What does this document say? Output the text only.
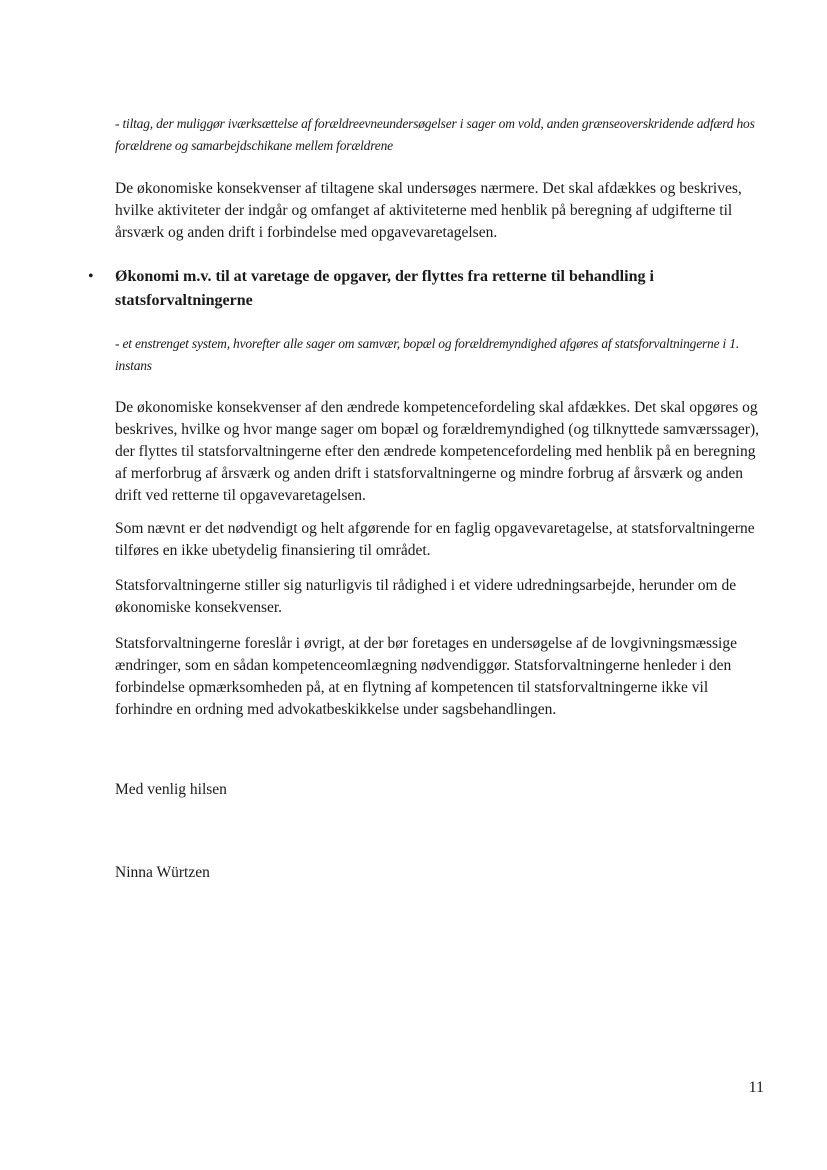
- tiltag, der muliggør iværksættelse af forældreevneundersøgelser i sager om vold, anden grænseoverskridende adfærd hos forældrene og samarbejdschikane mellem forældrene

De økonomiske konsekvenser af tiltagene skal undersøges nærmere. Det skal afdækkes og beskrives, hvilke aktiviteter der indgår og omfanget af aktiviteterne med henblik på beregning af udgifterne til årsværk og anden drift i forbindelse med opgavevaretagelsen.

• Økonomi m.v. til at varetage de opgaver, der flyttes fra retterne til behandling i statsforvaltningerne

- et enstrenget system, hvorefter alle sager om samvær, bopæl og forældremyndighed afgøres af statsforvaltningerne i 1. instans

De økonomiske konsekvenser af den ændrede kompetencefordeling skal afdækkes. Det skal opgøres og beskrives, hvilke og hvor mange sager om bopæl og forældremyndighed (og tilknyttede samværssager), der flyttes til statsforvaltningerne efter den ændrede kompetencefordeling med henblik på en beregning af merforbrug af årsværk og anden drift i statsforvaltningerne og mindre forbrug af årsværk og anden drift ved retterne til opgavevaretagelsen.

Som nævnt er det nødvendigt og helt afgørende for en faglig opgavevaretagelse, at statsforvaltningerne tilføres en ikke ubetydelig finansiering til området.

Statsforvaltningerne stiller sig naturligvis til rådighed i et videre udredningsarbejde, herunder om de økonomiske konsekvenser.

Statsforvaltningerne foreslår i øvrigt, at der bør foretages en undersøgelse af de lovgivningsmæssige ændringer, som en sådan kompetenceomlægning nødvendiggør. Statsforvaltningerne henleder i den forbindelse opmærksomheden på, at en flytning af kompetencen til statsforvaltningerne ikke vil forhindre en ordning med advokatbeskikkelse under sagsbehandlingen.

Med venlig hilsen

Ninna Würtzen

11
